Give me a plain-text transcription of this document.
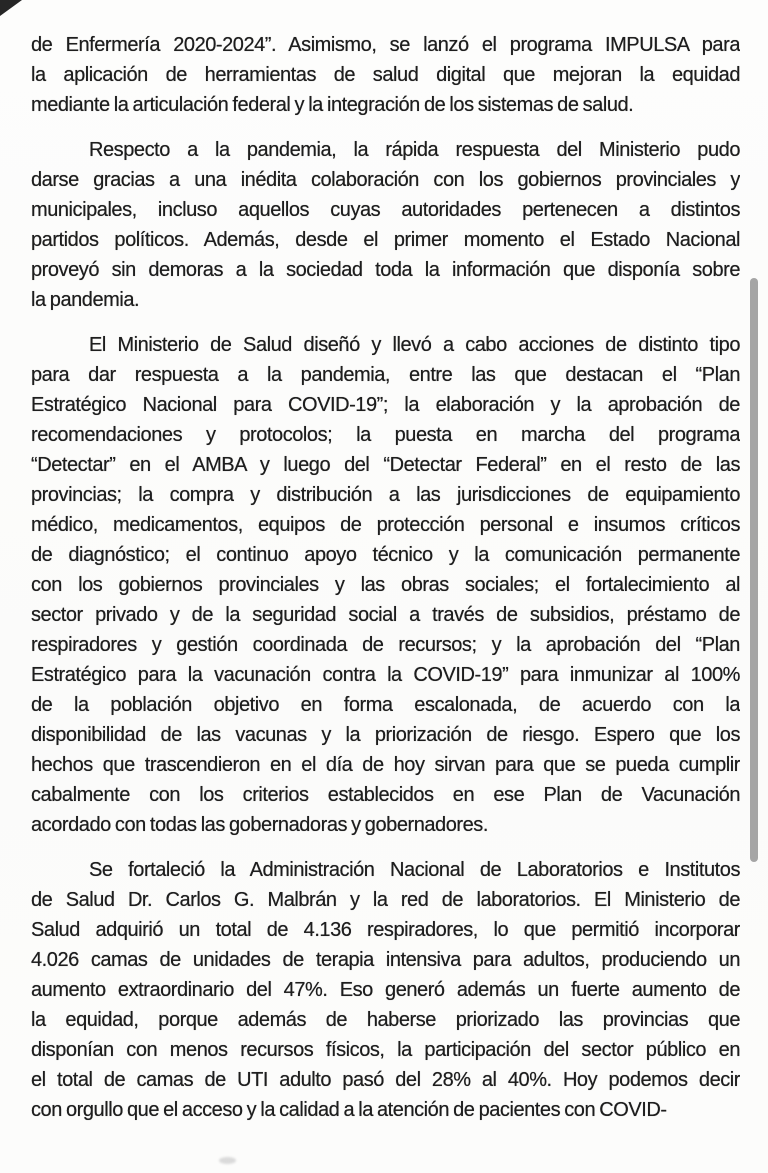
de Enfermería 2020-2024”. Asimismo, se lanzó el programa IMPULSA para
la aplicación de herramientas de salud digital que mejoran la equidad
mediante la articulación federal y la integración de los sistemas de salud.
Respecto a la pandemia, la rápida respuesta del Ministerio pudo
darse gracias a una inédita colaboración con los gobiernos provinciales y
municipales, incluso aquellos cuyas autoridades pertenecen a distintos
partidos políticos. Además, desde el primer momento el Estado Nacional
proveyó sin demoras a la sociedad toda la información que disponía sobre
la pandemia.
El Ministerio de Salud diseñó y llevó a cabo acciones de distinto tipo
para dar respuesta a la pandemia, entre las que destacan el “Plan
Estratégico Nacional para COVID-19”; la elaboración y la aprobación de
recomendaciones y protocolos; la puesta en marcha del programa
“Detectar” en el AMBA y luego del “Detectar Federal” en el resto de las
provincias; la compra y distribución a las jurisdicciones de equipamiento
médico, medicamentos, equipos de protección personal e insumos críticos
de diagnóstico; el continuo apoyo técnico y la comunicación permanente
con los gobiernos provinciales y las obras sociales; el fortalecimiento al
sector privado y de la seguridad social a través de subsidios, préstamo de
respiradores y gestión coordinada de recursos; y la aprobación del “Plan
Estratégico para la vacunación contra la COVID-19” para inmunizar al 100%
de la población objetivo en forma escalonada, de acuerdo con la
disponibilidad de las vacunas y la priorización de riesgo. Espero que los
hechos que trascendieron en el día de hoy sirvan para que se pueda cumplir
cabalmente con los criterios establecidos en ese Plan de Vacunación
acordado con todas las gobernadoras y gobernadores.
Se fortaleció la Administración Nacional de Laboratorios e Institutos
de Salud Dr. Carlos G. Malbrán y la red de laboratorios. El Ministerio de
Salud adquirió un total de 4.136 respiradores, lo que permitió incorporar
4.026 camas de unidades de terapia intensiva para adultos, produciendo un
aumento extraordinario del 47%. Eso generó además un fuerte aumento de
la equidad, porque además de haberse priorizado las provincias que
disponían con menos recursos físicos, la participación del sector público en
el total de camas de UTI adulto pasó del 28% al 40%. Hoy podemos decir
con orgullo que el acceso y la calidad a la atención de pacientes con COVID-
